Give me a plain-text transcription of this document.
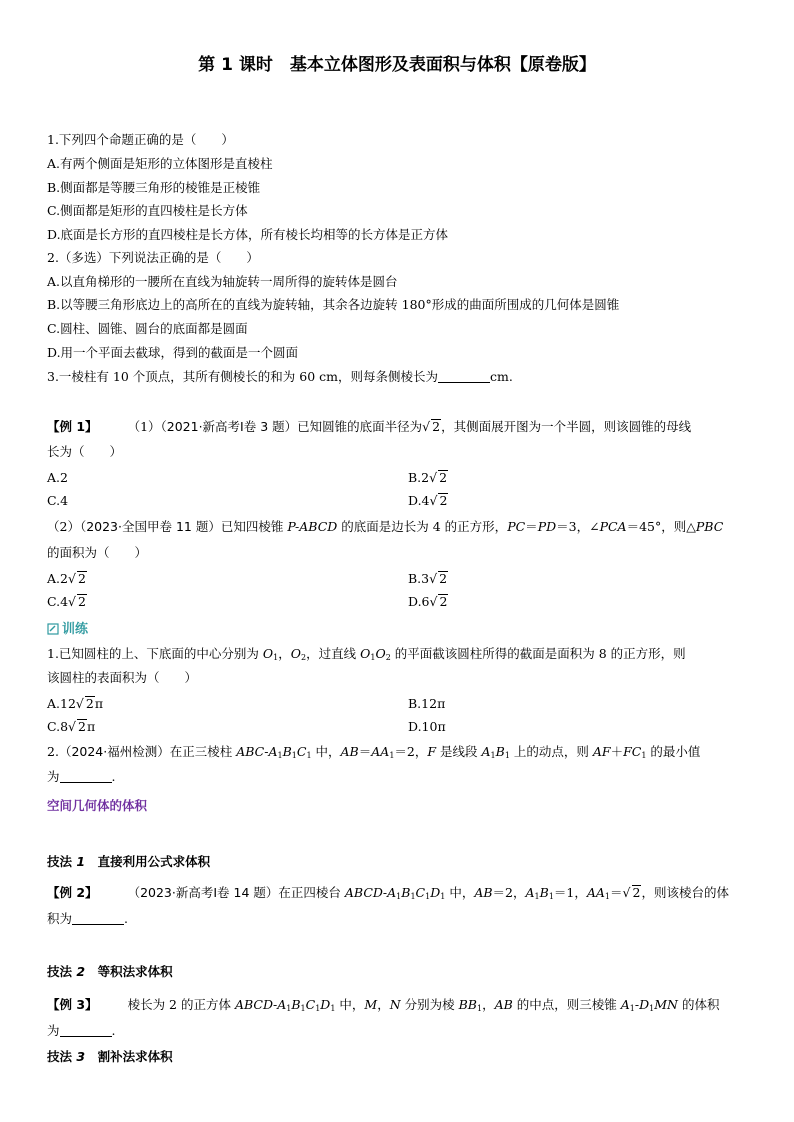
第 1 课时　基本立体图形及表面积与体积【原卷版】
1.下列四个命题正确的是（　　）
A.有两个侧面是矩形的立体图形是直棱柱
B.侧面都是等腰三角形的棱锥是正棱锥
C.侧面都是矩形的直四棱柱是长方体
D.底面是长方形的直四棱柱是长方体，所有棱长均相等的长方体是正方体
2.（多选）下列说法正确的是（　　）
A.以直角梯形的一腰所在直线为轴旋转一周所得的旋转体是圆台
B.以等腰三角形底边上的高所在的直线为旋转轴，其余各边旋转 180°形成的曲面所围成的几何体是圆锥
C.圆柱、圆锥、圆台的底面都是圆面
D.用一个平面去截球，得到的截面是一个圆面
3.一棱柱有 10 个顶点，其所有侧棱长的和为 60 cm，则每条侧棱长为	cm.
【例 1】 （1）（2021·新高考Ⅰ卷 3 题）已知圆锥的底面半径为√ 2，其侧面展开图为一个半圆，则该圆锥的母线
长为（　　）
A.2	B.2√ 2
C.4	D.4√ 2
（2）（2023·全国甲卷 11 题）已知四棱锥 P-ABCD 的底面是边长为 4 的正方形，PC＝PD＝3，∠PCA＝45°，则△PBC
的面积为（　　）
A.2√ 2	B.3√ 2
C.4√ 2	D.6√ 2
训练
1.已知圆柱的上、下底面的中心分别为 $O_1$，$O_2$，过直线 $O_1O_2$ 的平面截该圆柱所得的截面是面积为 8 的正方形，则
该圆柱的表面积为（　　）
A.12√ 2π	B.12π
C.8√ 2π	D.10π
2.（2024·福州检测）在正三棱柱 ABC-$A_1B_1C_1$ 中，$AB=AA_1=2$，F 是线段 $A_1B_1$ 上的动点，则 $AF+FC_1$ 的最小值
为	.
空间几何体的体积
技法 1　 直接利用公式求体积
【例 2】 （2023·新高考Ⅰ卷 14 题）在正四棱台 ABCD-$A_1B_1C_1D_1$ 中，AB＝2，$A_1B_1=1$，$AA_1=√$ 2，则该棱台的体
积为	.
技法 2　 等积法求体积
【例 3】 棱长为 2 的正方体 ABCD-$A_1B_1C_1D_1$ 中，M，N 分别为棱 $BB_1$，AB 的中点，则三棱锥 $A_1-D_1MN$ 的体积
为	.
技法 3　 割补法求体积
